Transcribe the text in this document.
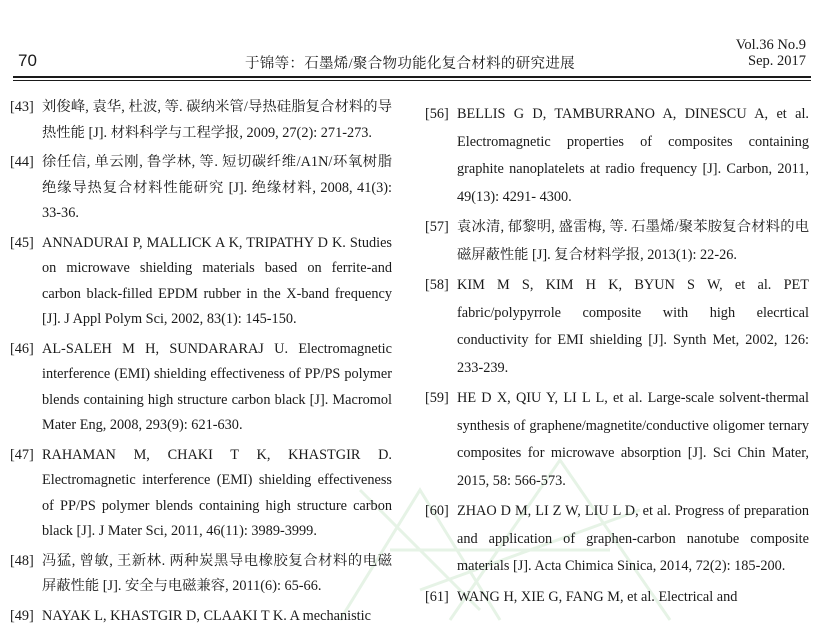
70	于锦等：石墨烯/聚合物功能化复合材料的研究进展
Vol.36 No.9
Sep. 2017
[43] 刘俊峰, 袁华, 杜波, 等. 碳纳米管/导热硅脂复合材料的导热性能 [J]. 材料科学与工程学报, 2009, 27(2): 271-273.
[44] 徐任信, 单云刚, 鲁学林, 等. 短切碳纤维/A1N/环氧树脂绝缘导热复合材料性能研究 [J]. 绝缘材料, 2008, 41(3): 33-36.
[45] ANNADURAI P, MALLICK A K, TRIPATHY D K. Studies on microwave shielding materials based on ferrite-and carbon black-filled EPDM rubber in the X-band frequency [J]. J Appl Polym Sci, 2002, 83(1): 145-150.
[46] AL-SALEH M H, SUNDARARAJ U. Electromagnetic interference (EMI) shielding effectiveness of PP/PS polymer blends containing high structure carbon black [J]. Macromol Mater Eng, 2008, 293(9): 621-630.
[47] RAHAMAN M, CHAKI T K, KHASTGIR D. Electromagnetic interference (EMI) shielding effectiveness of PP/PS polymer blends containing high structure carbon black [J]. J Mater Sci, 2011, 46(11): 3989-3999.
[48] 冯猛, 曾敏, 王新林. 两种炭黑导电橡胶复合材料的电磁屏蔽性能 [J]. 安全与电磁兼容, 2011(6): 65-66.
[49] NAYAK L, KHASTGIR D, CLAAKI T K. A mechanistic
[56] BELLIS G D, TAMBURRANO A, DINESCU A, et al. Electromagnetic properties of composites containing graphite nanoplatelets at radio frequency [J]. Carbon, 2011, 49(13): 4291- 4300.
[57] 袁冰清, 郁黎明, 盛雷梅, 等. 石墨烯/聚苯胺复合材料的电磁屏蔽性能 [J]. 复合材料学报, 2013(1): 22-26.
[58] KIM M S, KIM H K, BYUN S W, et al. PET fabric/polypyrrole composite with high elecrtical conductivity for EMI shielding [J]. Synth Met, 2002, 126: 233-239.
[59] HE D X, QIU Y, LI L L, et al. Large-scale solvent-thermal synthesis of graphene/magnetite/conductive oligomer ternary composites for microwave absorption [J]. Sci Chin Mater, 2015, 58: 566-573.
[60] ZHAO D M, LI Z W, LIU L D, et al. Progress of preparation and application of graphen-carbon nanotube composite materials [J]. Acta Chimica Sinica, 2014, 72(2): 185-200.
[61] WANG H, XIE G, FANG M, et al. Electrical and
